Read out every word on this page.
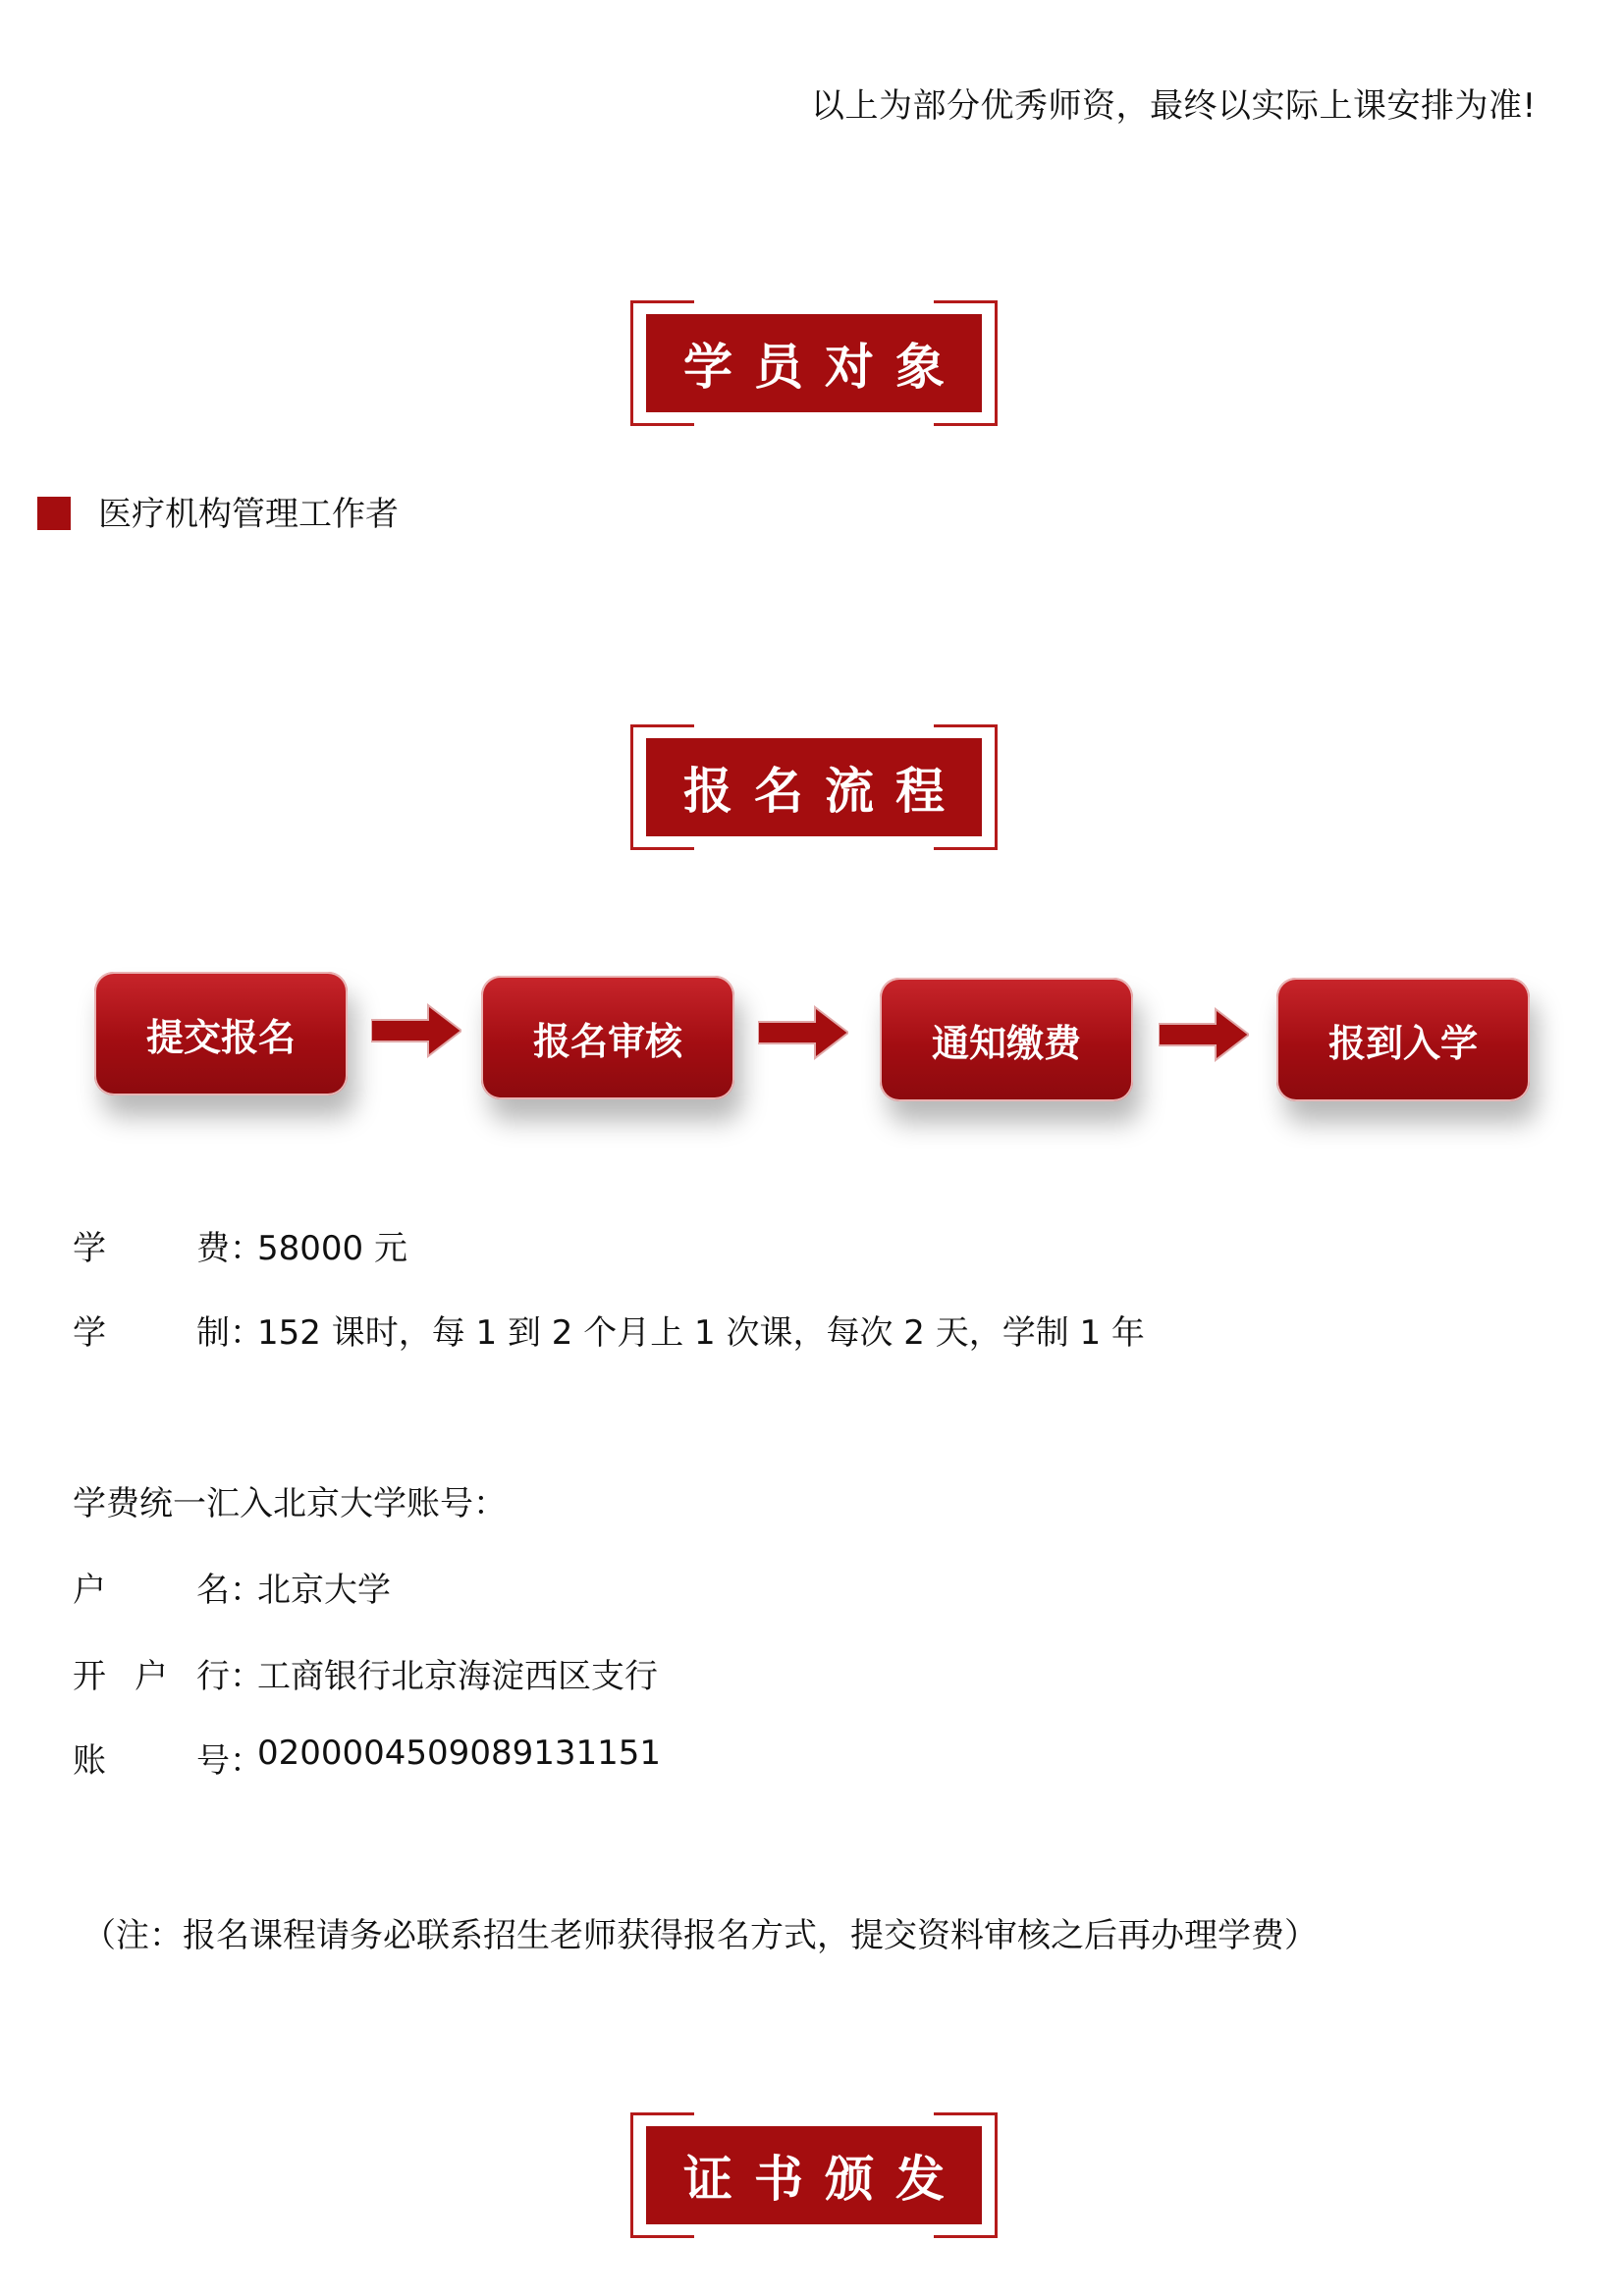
以上为部分优秀师资，最终以实际上课安排为准!
学员对象
医疗机构管理工作者
报名流程
提交报名	报名审核	通知缴费	报到入学
学	费 ：
58000 元
学	制 ：
152 课时，每 1 到 2 个月上 1 次课，每次 2 天，学制 1 年
学费统一汇入北京大学账号：
户	名 ：
北京大学
开 户 行 ：
工商银行北京海淀西区支行
账	号 ：
0200004509089131151
（注：报名课程请务必联系招生老师获得报名方式，提交资料审核之后再办理学费）
证书颁发
